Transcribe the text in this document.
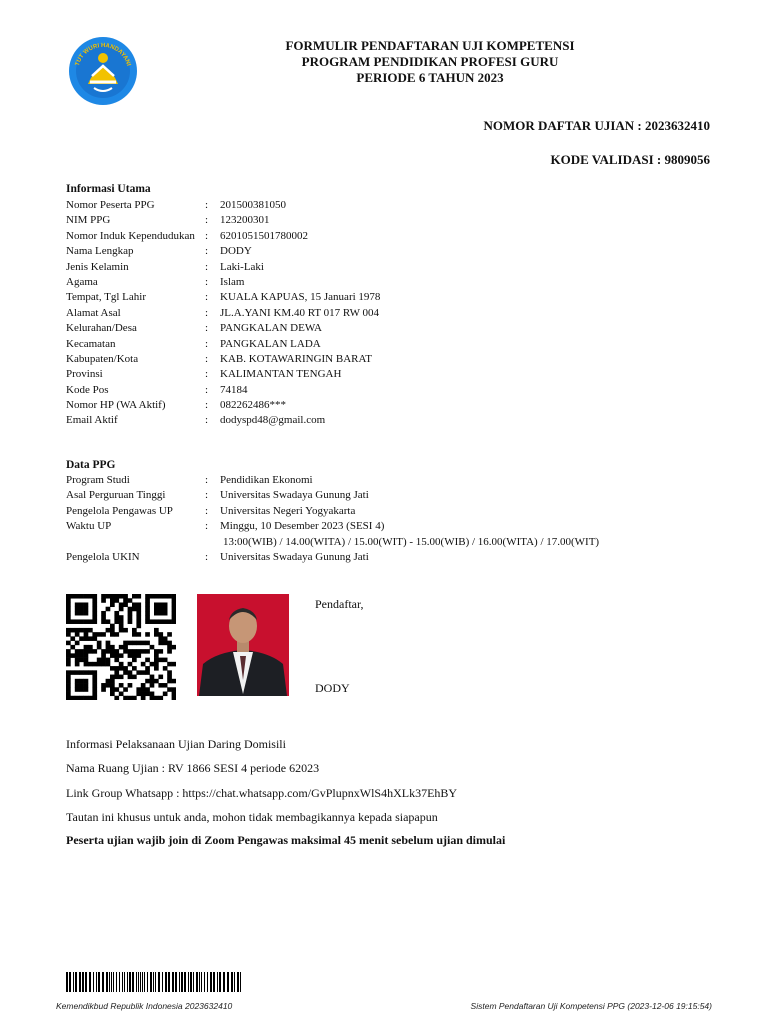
TUT WURI HANDAYANI
FORMULIR PENDAFTARAN UJI KOMPETENSI
PROGRAM PENDIDIKAN PROFESI GURU
PERIODE 6 TAHUN 2023
NOMOR DAFTAR UJIAN : 2023632410
KODE VALIDASI : 9809056
Informasi Utama
Nomor Peserta PPG	:	201500381050
NIM PPG	:	123200301
Nomor Induk Kependudukan :	6201051501780002
Nama Lengkap	:	DODY
Jenis Kelamin	:	Laki-Laki
Agama	:	Islam
Tempat, Tgl Lahir	:	KUALA KAPUAS, 15 Januari 1978
Alamat Asal	:	JL.A.YANI KM.40 RT 017 RW 004
Kelurahan/Desa	:	PANGKALAN DEWA
Kecamatan	:	PANGKALAN LADA
Kabupaten/Kota	:	KAB. KOTAWARINGIN BARAT
Provinsi	:	KALIMANTAN TENGAH
Kode Pos	:	74184
Nomor HP (WA Aktif)	:	082262486***
Email Aktif	:	dodyspd48@gmail.com
Data PPG
Program Studi	:	Pendidikan Ekonomi
Asal Perguruan Tinggi	:	Universitas Swadaya Gunung Jati
Pengelola Pengawas UP	:	Universitas Negeri Yogyakarta
Waktu UP	:	Minggu, 10 Desember 2023 (SESI 4)
13:00(WIB) / 14.00(WITA) / 15.00(WIT) - 15.00(WIB) / 16.00(WITA) / 17.00(WIT)
Pengelola UKIN	:	Universitas Swadaya Gunung Jati
Pendaftar,
DODY
Informasi Pelaksanaan Ujian Daring Domisili
Nama Ruang Ujian : RV 1866 SESI 4 periode 62023
Link Group Whatsapp : https://chat.whatsapp.com/GvPlupnxWlS4hXLk37EhBY
Tautan ini khusus untuk anda, mohon tidak membagikannya kepada siapapun
Peserta ujian wajib join di Zoom Pengawas maksimal 45 menit sebelum ujian dimulai
Kemendikbud Republik Indonesia 2023632410	Sistem Pendaftaran Uji Kompetensi PPG (2023-12-06 19:15:54)
